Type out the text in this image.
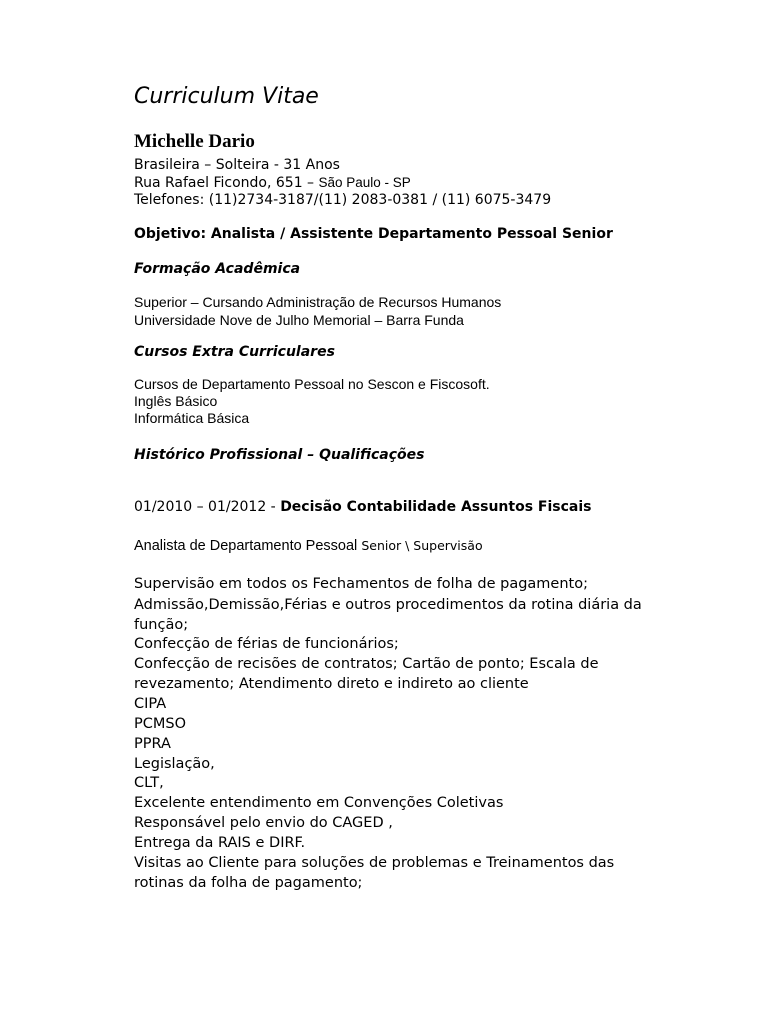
Curriculum Vitae
Michelle Dario
Brasileira – Solteira - 31 Anos
Rua Rafael Ficondo, 651 – São Paulo - SP
Telefones: (11)2734-3187/(11) 2083-0381 / (11) 6075-3479
Objetivo: Analista / Assistente Departamento Pessoal Senior
Formação Acadêmica
Superior – Cursando Administração de Recursos Humanos
Universidade Nove de Julho Memorial – Barra Funda
Cursos Extra Curriculares
Cursos de Departamento Pessoal no Sescon e Fiscosoft.
Inglês Básico
Informática Básica
Histórico Profissional – Qualificações
01/2010 – 01/2012 - Decisão Contabilidade Assuntos Fiscais
Analista de Departamento Pessoal Senior \ Supervisão
Supervisão em todos os Fechamentos de folha de pagamento;
Admissão,Demissão,Férias e outros procedimentos da rotina diária da
função;
Confecção de férias de funcionários;
Confecção de recisões de contratos; Cartão de ponto; Escala de
revezamento; Atendimento direto e indireto ao cliente
CIPA
PCMSO
PPRA
Legislação,
CLT,
Excelente entendimento em Convenções Coletivas
Responsável pelo envio do CAGED ,
Entrega da RAIS e DIRF.
Visitas ao Cliente para soluções de problemas e Treinamentos das
rotinas da folha de pagamento;
